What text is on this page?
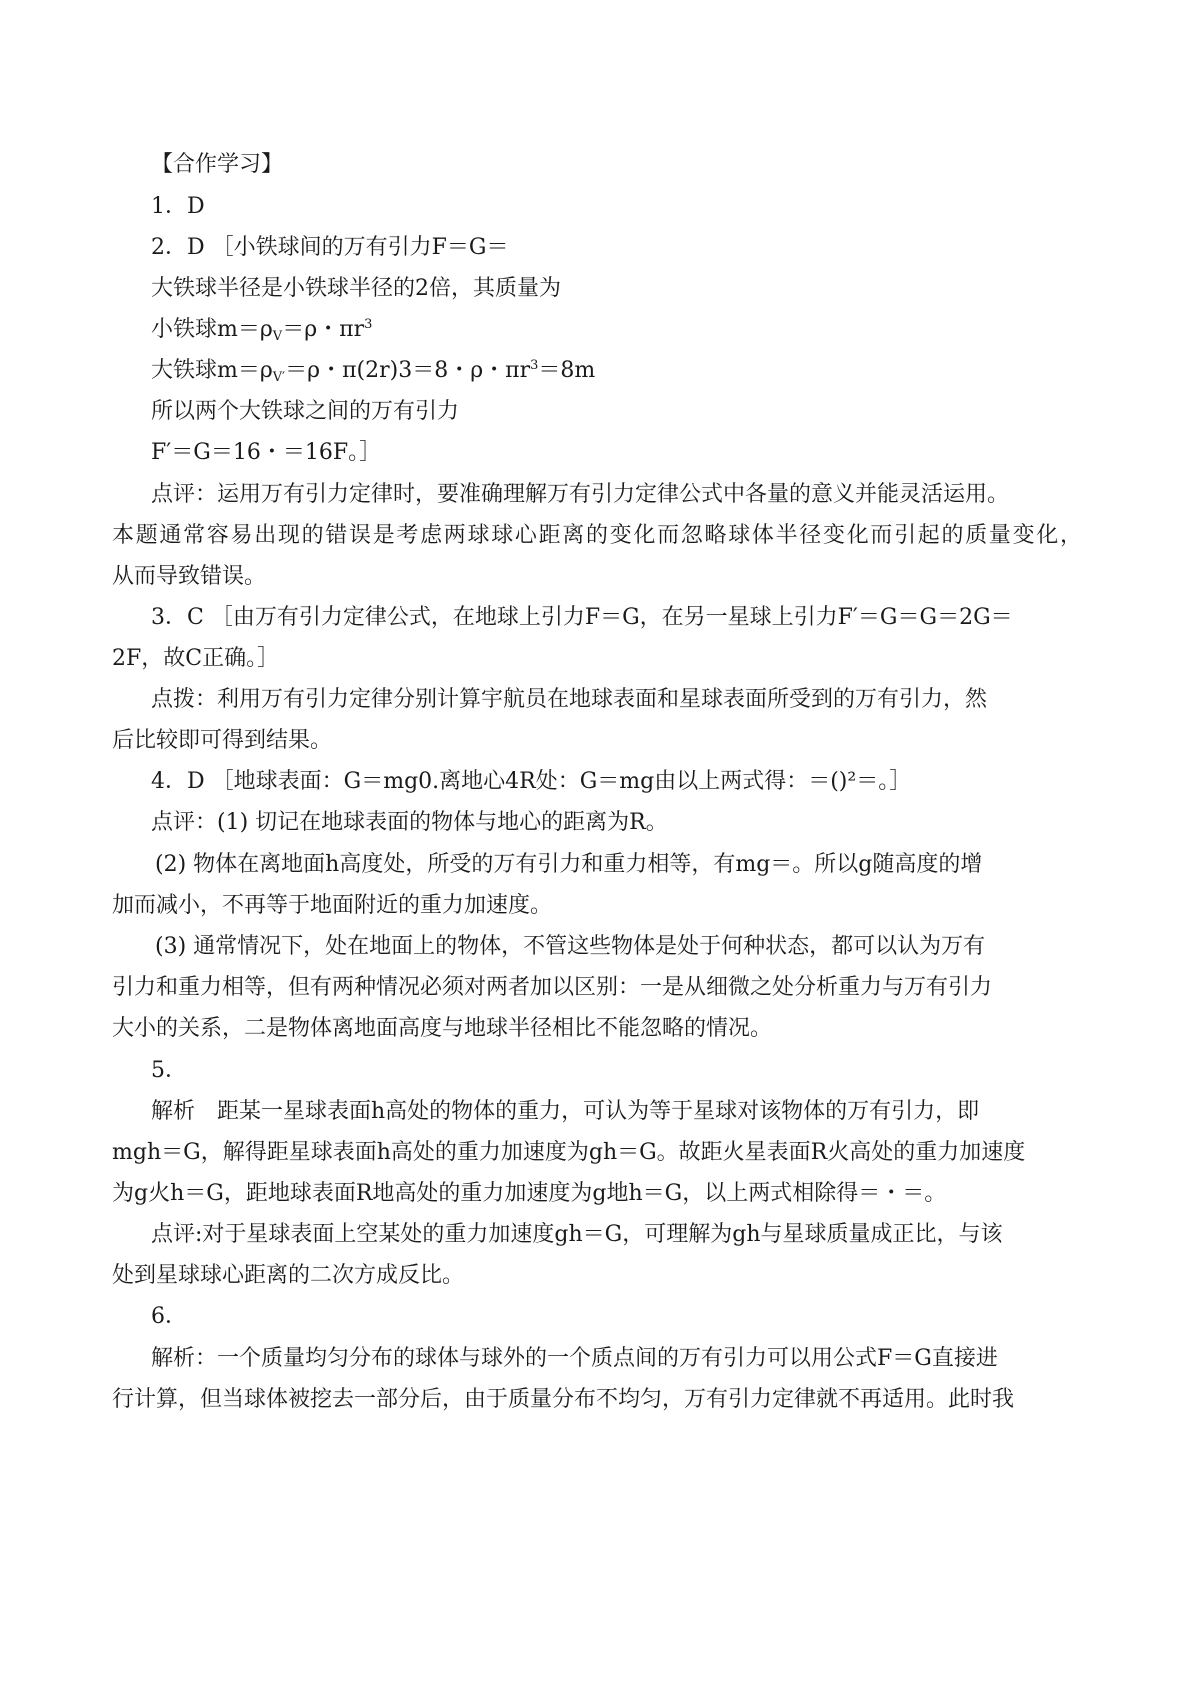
【合作学习】
1．D
2．D ［小铁球间的万有引力F＝G＝
大铁球半径是小铁球半径的2倍，其质量为
小铁球$m=\rho_V=\rho$・$\pi r^3$
大铁球$m=\rho_{V'}=\rho$・π(2r)3＝8・ρ・$\pi r^3=8m$
所以两个大铁球之间的万有引力
F′＝G＝16・＝16F。］
点评：运用万有引力定律时，要准确理解万有引力定律公式中各量的意义并能灵活运用。
本题通常容易出现的错误是考虑两球球心距离的变化而忽略球体半径变化而引起的质量变化，
从而导致错误。
3．C ［由万有引力定律公式，在地球上引力F＝G，在另一星球上引力F′＝G＝G＝2G＝
2F，故C正确。］
点拨：利用万有引力定律分别计算宇航员在地球表面和星球表面所受到的万有引力，然
后比较即可得到结果。
4．D ［地球表面：G＝mg0.离地心4R处：G＝mg由以上两式得：＝()²＝。］
点评：(1) 切记在地球表面的物体与地心的距离为R。
(2) 物体在离地面h高度处，所受的万有引力和重力相等，有mg＝。所以g随高度的增
加而减小，不再等于地面附近的重力加速度。
(3) 通常情况下，处在地面上的物体，不管这些物体是处于何种状态，都可以认为万有
引力和重力相等，但有两种情况必须对两者加以区别：一是从细微之处分析重力与万有引力
大小的关系，二是物体离地面高度与地球半径相比不能忽略的情况。
5．
解析　距某一星球表面h高处的物体的重力，可认为等于星球对该物体的万有引力，即
mgh＝G，解得距星球表面h高处的重力加速度为gh＝G。故距火星表面R火高处的重力加速度
为g火h＝G，距地球表面R地高处的重力加速度为g地h＝G，以上两式相除得＝・＝。
点评:对于星球表面上空某处的重力加速度gh＝G，可理解为gh与星球质量成正比，与该
处到星球球心距离的二次方成反比。
6．
解析：一个质量均匀分布的球体与球外的一个质点间的万有引力可以用公式F＝G直接进
行计算，但当球体被挖去一部分后，由于质量分布不均匀，万有引力定律就不再适用。此时我
